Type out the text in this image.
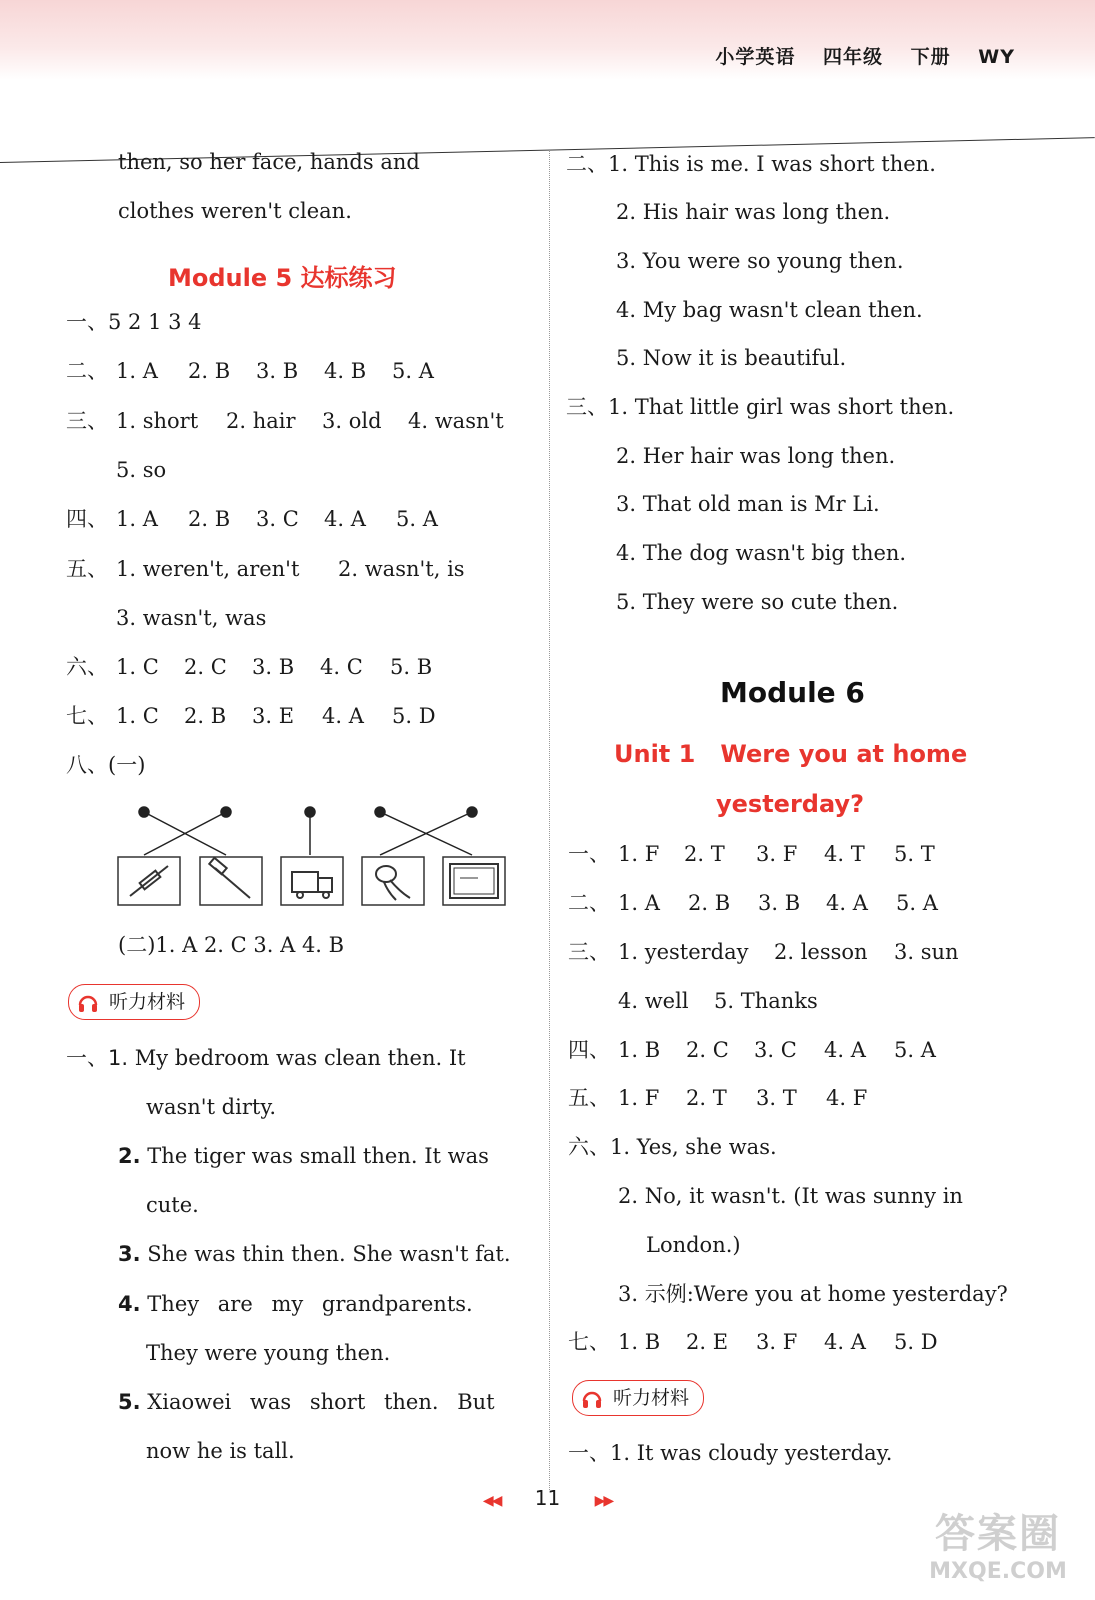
小学英语 四年级 下册 WY
then, so her face, hands and
clothes weren't clean.
Module 5 达标练习
一、5 2 1 3 4
二、 1. A 2. B 3. B 4. B 5. A
三、 1. short 2. hair 3. old 4. wasn't
5. so
四、 1. A 2. B 3. C 4. A 5. A
五、 1. weren't, aren't 2. wasn't, is
3. wasn't, was
六、 1. C 2. C 3. B 4. C 5. B
七、 1. C 2. B 3. E 4. A 5. D
八、(一)
(二)1. A 2. C 3. A 4. B
听力材料
一、1. My bedroom was clean then. It
wasn't dirty.
2. The tiger was small then. It was
cute.
3. She was thin then. She wasn't fat.
4. They are my grandparents.
They were young then.
5. Xiaowei was short then. But
now he is tall.
二、1. This is me. I was short then.
2. His hair was long then.
3. You were so young then.
4. My bag wasn't clean then.
5. Now it is beautiful.
三、1. That little girl was short then.
2. Her hair was long then.
3. That old man is Mr Li.
4. The dog wasn't big then.
5. They were so cute then.
Module 6
Unit 1   Were you at home
yesterday?
一、 1. F 2. T 3. F 4. T 5. T
二、 1. A 2. B 3. B 4. A 5. A
三、 1. yesterday 2. lesson 3. sun
4. well 5. Thanks
四、 1. B 2. C 3. C 4. A 5. A
五、 1. F 2. T 3. T 4. F
六、1. Yes, she was.
2. No, it wasn't. (It was sunny in
London.)
3. 示例:Were you at home yesterday?
七、 1. B 2. E 3. F 4. A 5. D
听力材料
一、1. It was cloudy yesterday.
◀◀ 11 ▶▶
答案圈
MXQE.COM
